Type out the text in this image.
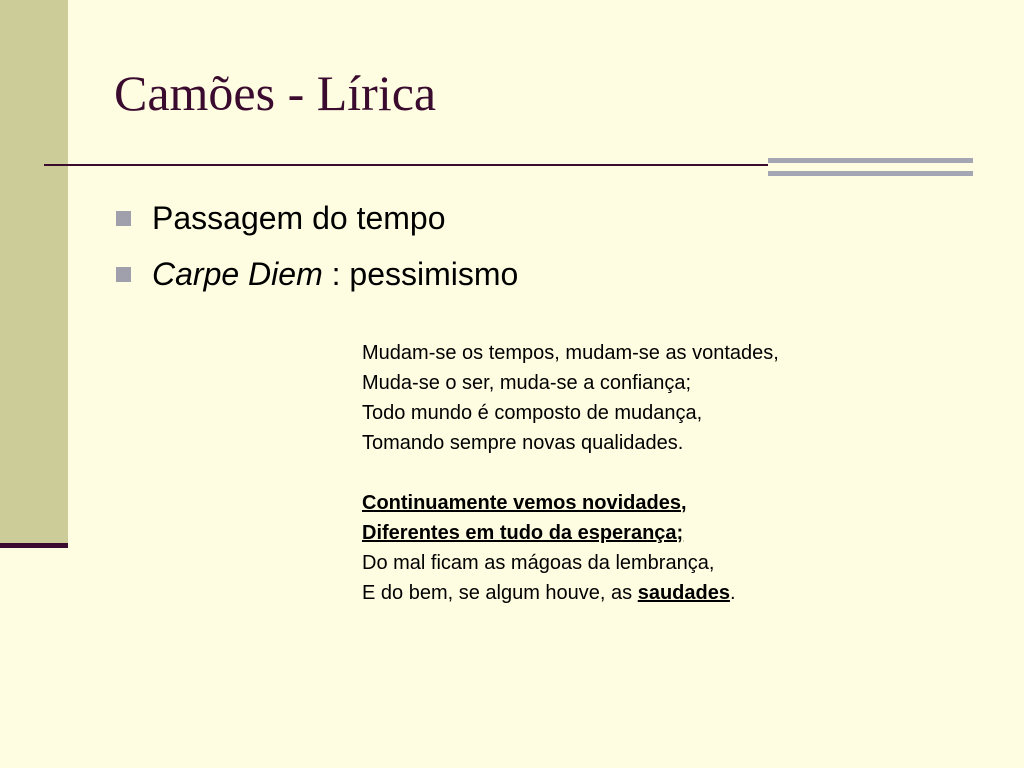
Camões - Lírica
Passagem do tempo
Carpe Diem : pessimismo
Mudam-se os tempos, mudam-se as vontades,
Muda-se o ser, muda-se a confiança;
Todo mundo é composto de mudança,
Tomando sempre novas qualidades.
Continuamente vemos novidades,
Diferentes em tudo da esperança;
Do mal ficam as mágoas da lembrança,
E do bem, se algum houve, as saudades.
